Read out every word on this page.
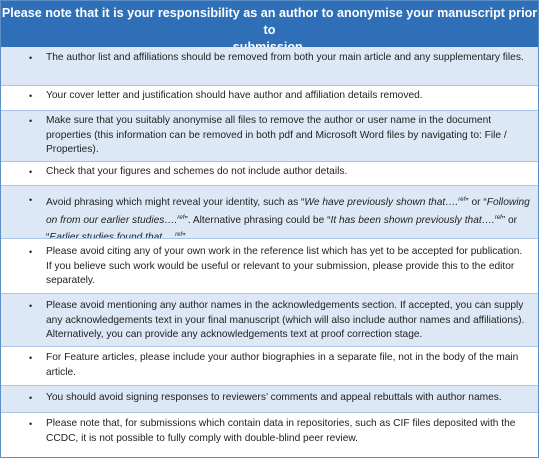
Please note that it is your responsibility as an author to anonymise your manuscript prior to
• The author list and affiliations should be removed from both your main article and any supplementary files.
• Your cover letter and justification should have author and affiliation details removed.
• Make sure that you suitably anonymise all files to remove the author or user name in the document properties (this information can be removed in both pdf and Microsoft Word files by navigating to: File / Properties).
• Check that your figures and schemes do not include author details.
• Avoid phrasing which might reveal your identity, such as “We have previously shown that….$^{ref}$” or “Following on from our earlier studies….$^{ref}$”. Alternative phrasing could be “It has been shown previously that….$^{ref}$” or $^{ref}$
• Please avoid citing any of your own work in the reference list which has yet to be accepted for publication. If you believe such work would be useful or relevant to your submission, please provide this to the editor separately.
• Please avoid mentioning any author names in the acknowledgements section. If accepted, you can supply any acknowledgements text in your final manuscript (which will also include author names and affiliations). Alternatively, you can provide any acknowledgements text at proof correction stage.
• For Feature articles, please include your author biographies in a separate file, not in the body of the main article.
• You should avoid signing responses to reviewers’ comments and appeal rebuttals with author names.
• Please note that, for submissions which contain data in repositories, such as CIF files deposited with the CCDC, it is not possible to fully comply with double-blind peer review.
